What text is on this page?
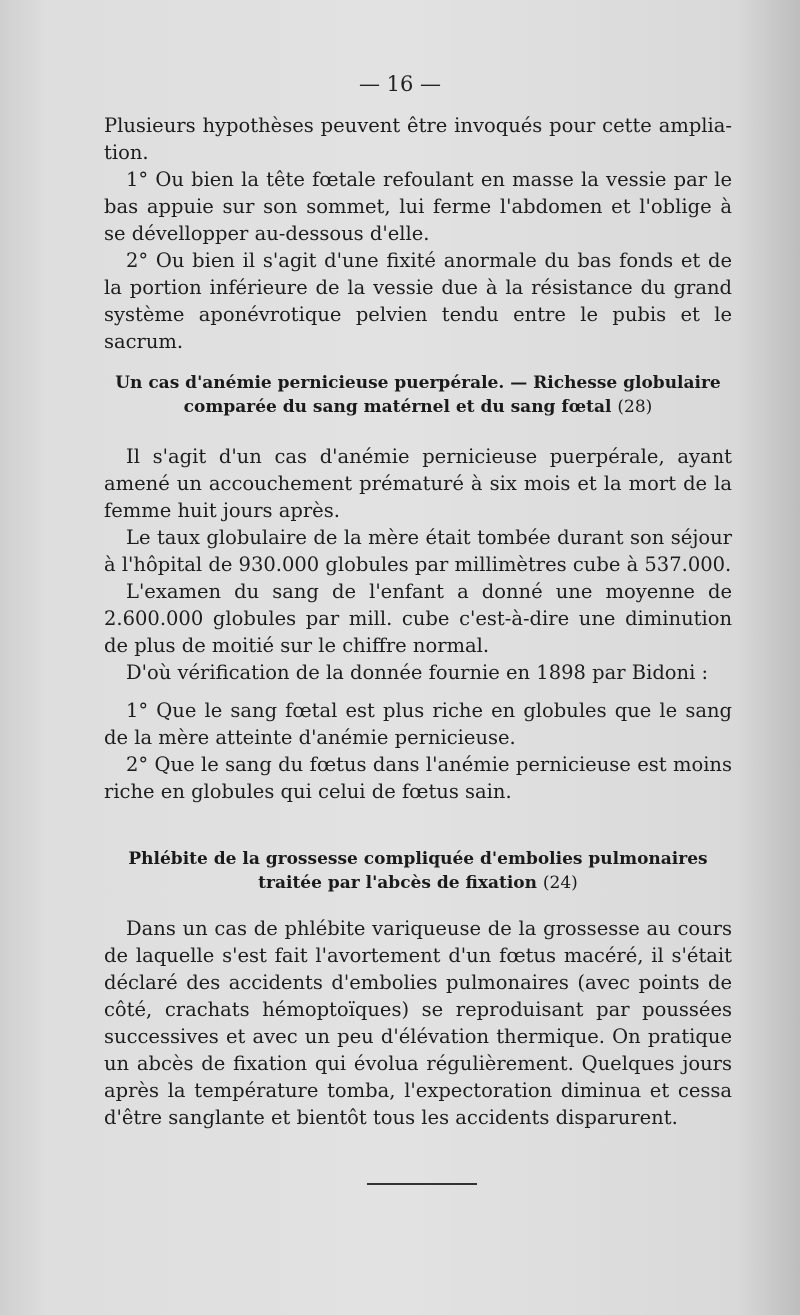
— 16 —

Plusieurs hypothèses peuvent être invoqués pour cette ampliation.

1° Ou bien la tête fœtale refoulant en masse la vessie par le bas appuie sur son sommet, lui ferme l'abdomen et l'oblige à se dévellopper au-dessous d'elle.

2° Ou bien il s'agit d'une fixité anormale du bas fonds et de la portion inférieure de la vessie due à la résistance du grand système aponévrotique pelvien tendu entre le pubis et le sacrum.

Un cas d'anémie pernicieuse puerpérale. — Richesse globulaire
comparée du sang matérnel et du sang fœtal (28)

Il s'agit d'un cas d'anémie pernicieuse puerpérale, ayant amené un accouchement prématuré à six mois et la mort de la femme huit jours après.

Le taux globulaire de la mère était tombée durant son séjour à l'hôpital de 930.000 globules par millimètres cube à 537.000.

L'examen du sang de l'enfant a donné une moyenne de 2.600.000 globules par mill. cube c'est-à-dire une diminution de plus de moitié sur le chiffre normal.

D'où vérification de la donnée fournie en 1898 par Bidoni :

1° Que le sang fœtal est plus riche en globules que le sang de la mère atteinte d'anémie pernicieuse.

2° Que le sang du fœtus dans l'anémie pernicieuse est moins riche en globules qui celui de fœtus sain.

Phlébite de la grossesse compliquée d'embolies pulmonaires
traitée par l'abcès de fixation (24)

Dans un cas de phlébite variqueuse de la grossesse au cours de laquelle s'est fait l'avortement d'un fœtus macéré, il s'était déclaré des accidents d'embolies pulmonaires (avec points de côté, crachats hémoptoïques) se reproduisant par poussées successives et avec un peu d'élévation thermique. On pratique un abcès de fixation qui évolua régulièrement. Quelques jours après la température tomba, l'expectoration diminua et cessa d'être sanglante et bientôt tous les accidents disparurent.
